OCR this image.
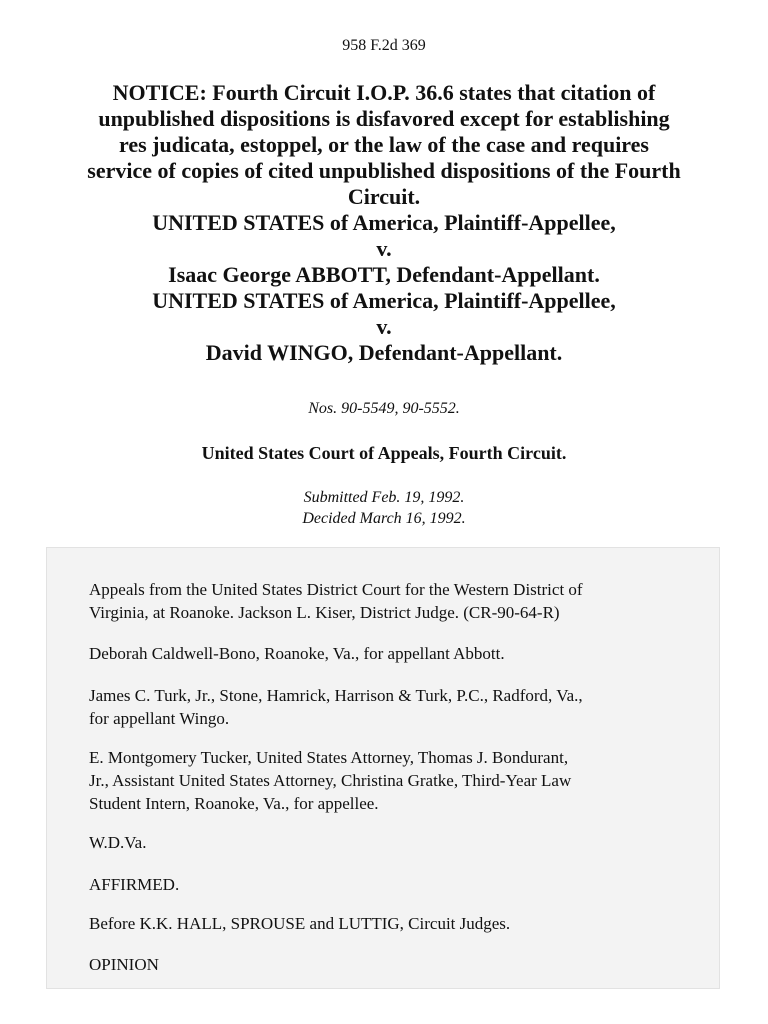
958 F.2d 369
NOTICE: Fourth Circuit I.O.P. 36.6 states that citation of
unpublished dispositions is disfavored except for establishing
res judicata, estoppel, or the law of the case and requires
service of copies of cited unpublished dispositions of the Fourth
Circuit.
UNITED STATES of America, Plaintiff-Appellee,
v.
Isaac George ABBOTT, Defendant-Appellant.
UNITED STATES of America, Plaintiff-Appellee,
v.
David WINGO, Defendant-Appellant.
Nos. 90-5549, 90-5552.
United States Court of Appeals, Fourth Circuit.
Submitted Feb. 19, 1992.
Decided March 16, 1992.
Appeals from the United States District Court for the Western District of
Virginia, at Roanoke. Jackson L. Kiser, District Judge. (CR-90-64-R)
Deborah Caldwell-Bono, Roanoke, Va., for appellant Abbott.
James C. Turk, Jr., Stone, Hamrick, Harrison & Turk, P.C., Radford, Va.,
for appellant Wingo.
E. Montgomery Tucker, United States Attorney, Thomas J. Bondurant,
Jr., Assistant United States Attorney, Christina Gratke, Third-Year Law
Student Intern, Roanoke, Va., for appellee.
W.D.Va.
AFFIRMED.
Before K.K. HALL, SPROUSE and LUTTIG, Circuit Judges.
OPINION
